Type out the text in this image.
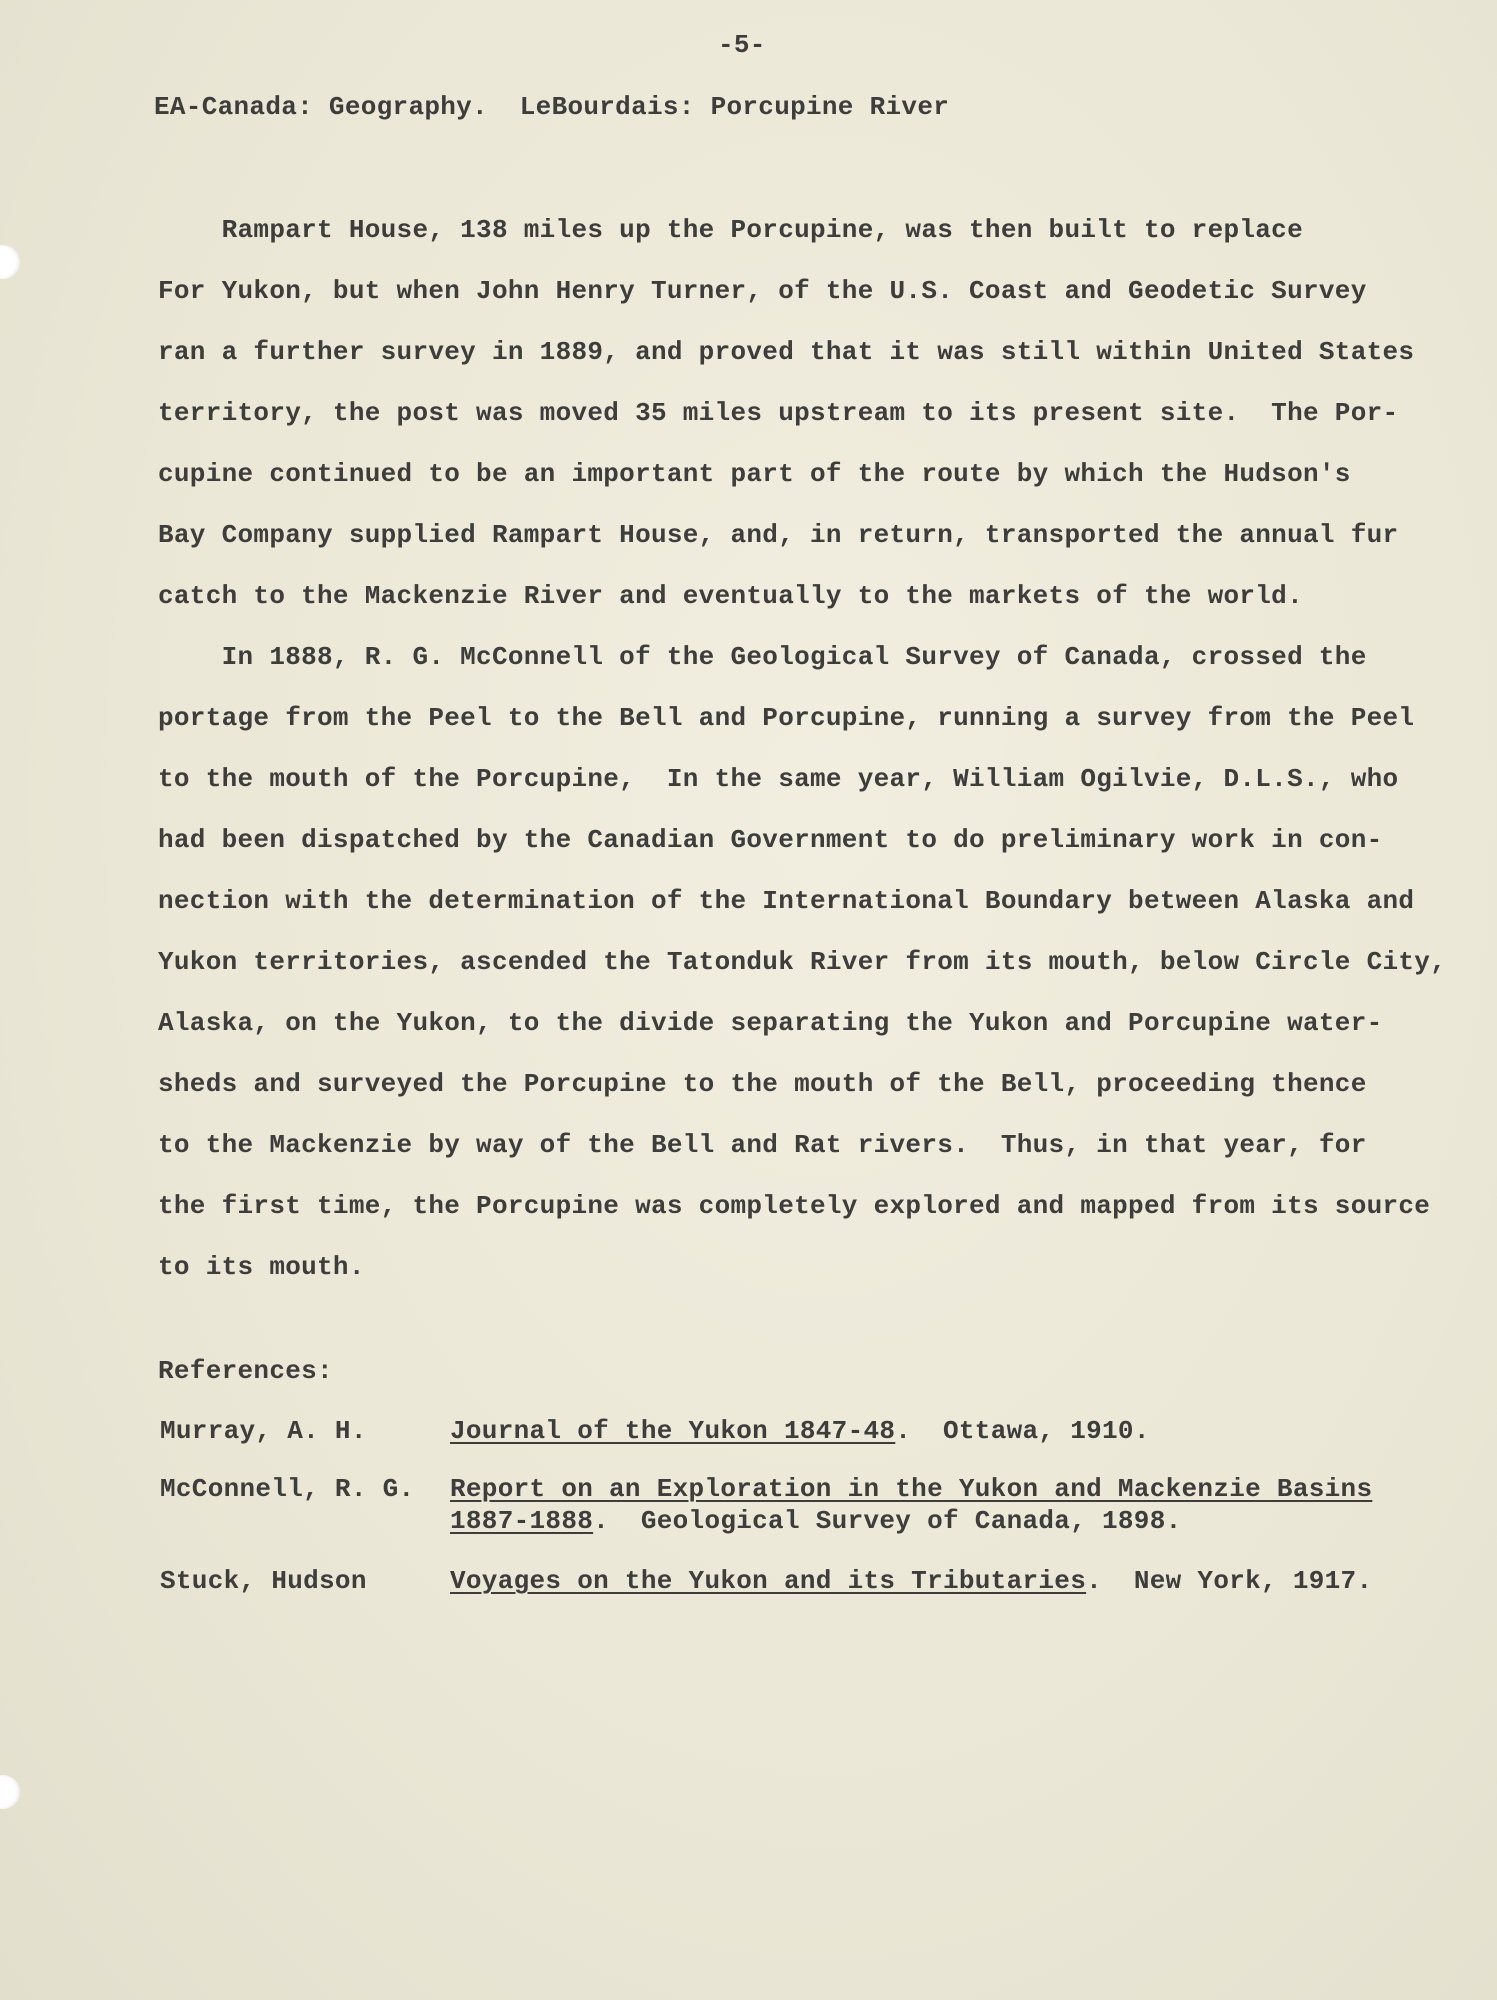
-5-
EA-Canada: Geography.  LeBourdais: Porcupine River
Rampart House, 138 miles up the Porcupine, was then built to replace
For Yukon, but when John Henry Turner, of the U.S. Coast and Geodetic Survey
ran a further survey in 1889, and proved that it was still within United States
territory, the post was moved 35 miles upstream to its present site.  The Por-
cupine continued to be an important part of the route by which the Hudson's
Bay Company supplied Rampart House, and, in return, transported the annual fur
catch to the Mackenzie River and eventually to the markets of the world.
In 1888, R. G. McConnell of the Geological Survey of Canada, crossed the
portage from the Peel to the Bell and Porcupine, running a survey from the Peel
to the mouth of the Porcupine,  In the same year, William Ogilvie, D.L.S., who
had been dispatched by the Canadian Government to do preliminary work in con-
nection with the determination of the International Boundary between Alaska and
Yukon territories, ascended the Tatonduk River from its mouth, below Circle City,
Alaska, on the Yukon, to the divide separating the Yukon and Porcupine water-
sheds and surveyed the Porcupine to the mouth of the Bell, proceeding thence
to the Mackenzie by way of the Bell and Rat rivers.  Thus, in that year, for
the first time, the Porcupine was completely explored and mapped from its source
to its mouth.
References:
Murray, A. H.	Journal of the Yukon 1847-48.  Ottawa, 1910.
McConnell, R. G. Report on an Exploration in the Yukon and Mackenzie Basins
1887-1888.  Geological Survey of Canada, 1898.
Stuck, Hudson	Voyages on the Yukon and its Tributaries.  New York, 1917.
